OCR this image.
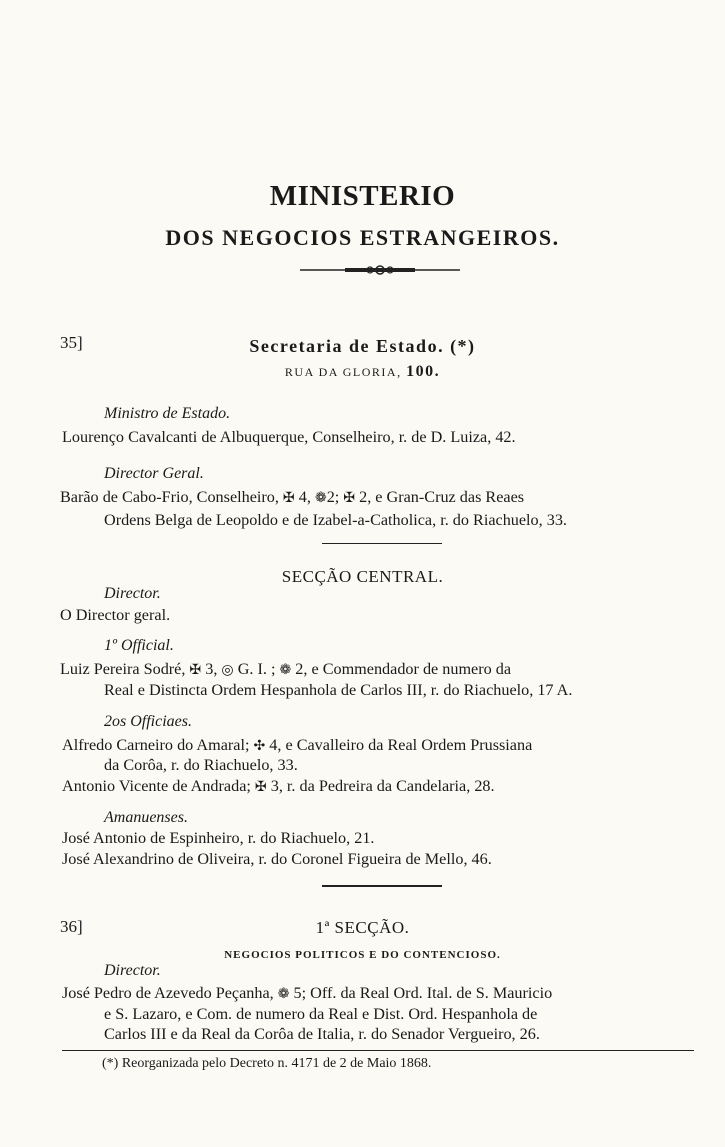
MINISTERIO
DOS NEGOCIOS ESTRANGEIROS.
35]	Secretaria de Estado. (*)
RUA DA GLORIA, 100.
Ministro de Estado.
Lourenço Cavalcanti de Albuquerque, Conselheiro, r. de D. Luiza, 42.
Director Geral.
Barão de Cabo-Frio, Conselheiro, ✠ 4, ❁2; ✠ 2, e Gran-Cruz das Reaes
Ordens Belga de Leopoldo e de Izabel-a-Catholica, r. do Riachuelo, 33.
SECÇÃO CENTRAL.
Director.
O Director geral.
1º Official.
Luiz Pereira Sodré, ✠ 3, ◎ G. I. ; ❁ 2, e Commendador de numero da
Real e Distincta Ordem Hespanhola de Carlos III, r. do Riachuelo, 17 A.
2os Officiaes.
Alfredo Carneiro do Amaral; ✣ 4, e Cavalleiro da Real Ordem Prussiana
da Corôa, r. do Riachuelo, 33.
Antonio Vicente de Andrada; ✠ 3, r. da Pedreira da Candelaria, 28.
Amanuenses.
José Antonio de Espinheiro, r. do Riachuelo, 21.
José Alexandrino de Oliveira, r. do Coronel Figueira de Mello, 46.
36]	1ª SECÇÃO.
NEGOCIOS POLITICOS E DO CONTENCIOSO.
Director.
José Pedro de Azevedo Peçanha, ❁ 5; Off. da Real Ord. Ital. de S. Mauricio
e S. Lazaro, e Com. de numero da Real e Dist. Ord. Hespanhola de
Carlos III e da Real da Corôa de Italia, r. do Senador Vergueiro, 26.
(*) Reorganizada pelo Decreto n. 4171 de 2 de Maio 1868.
